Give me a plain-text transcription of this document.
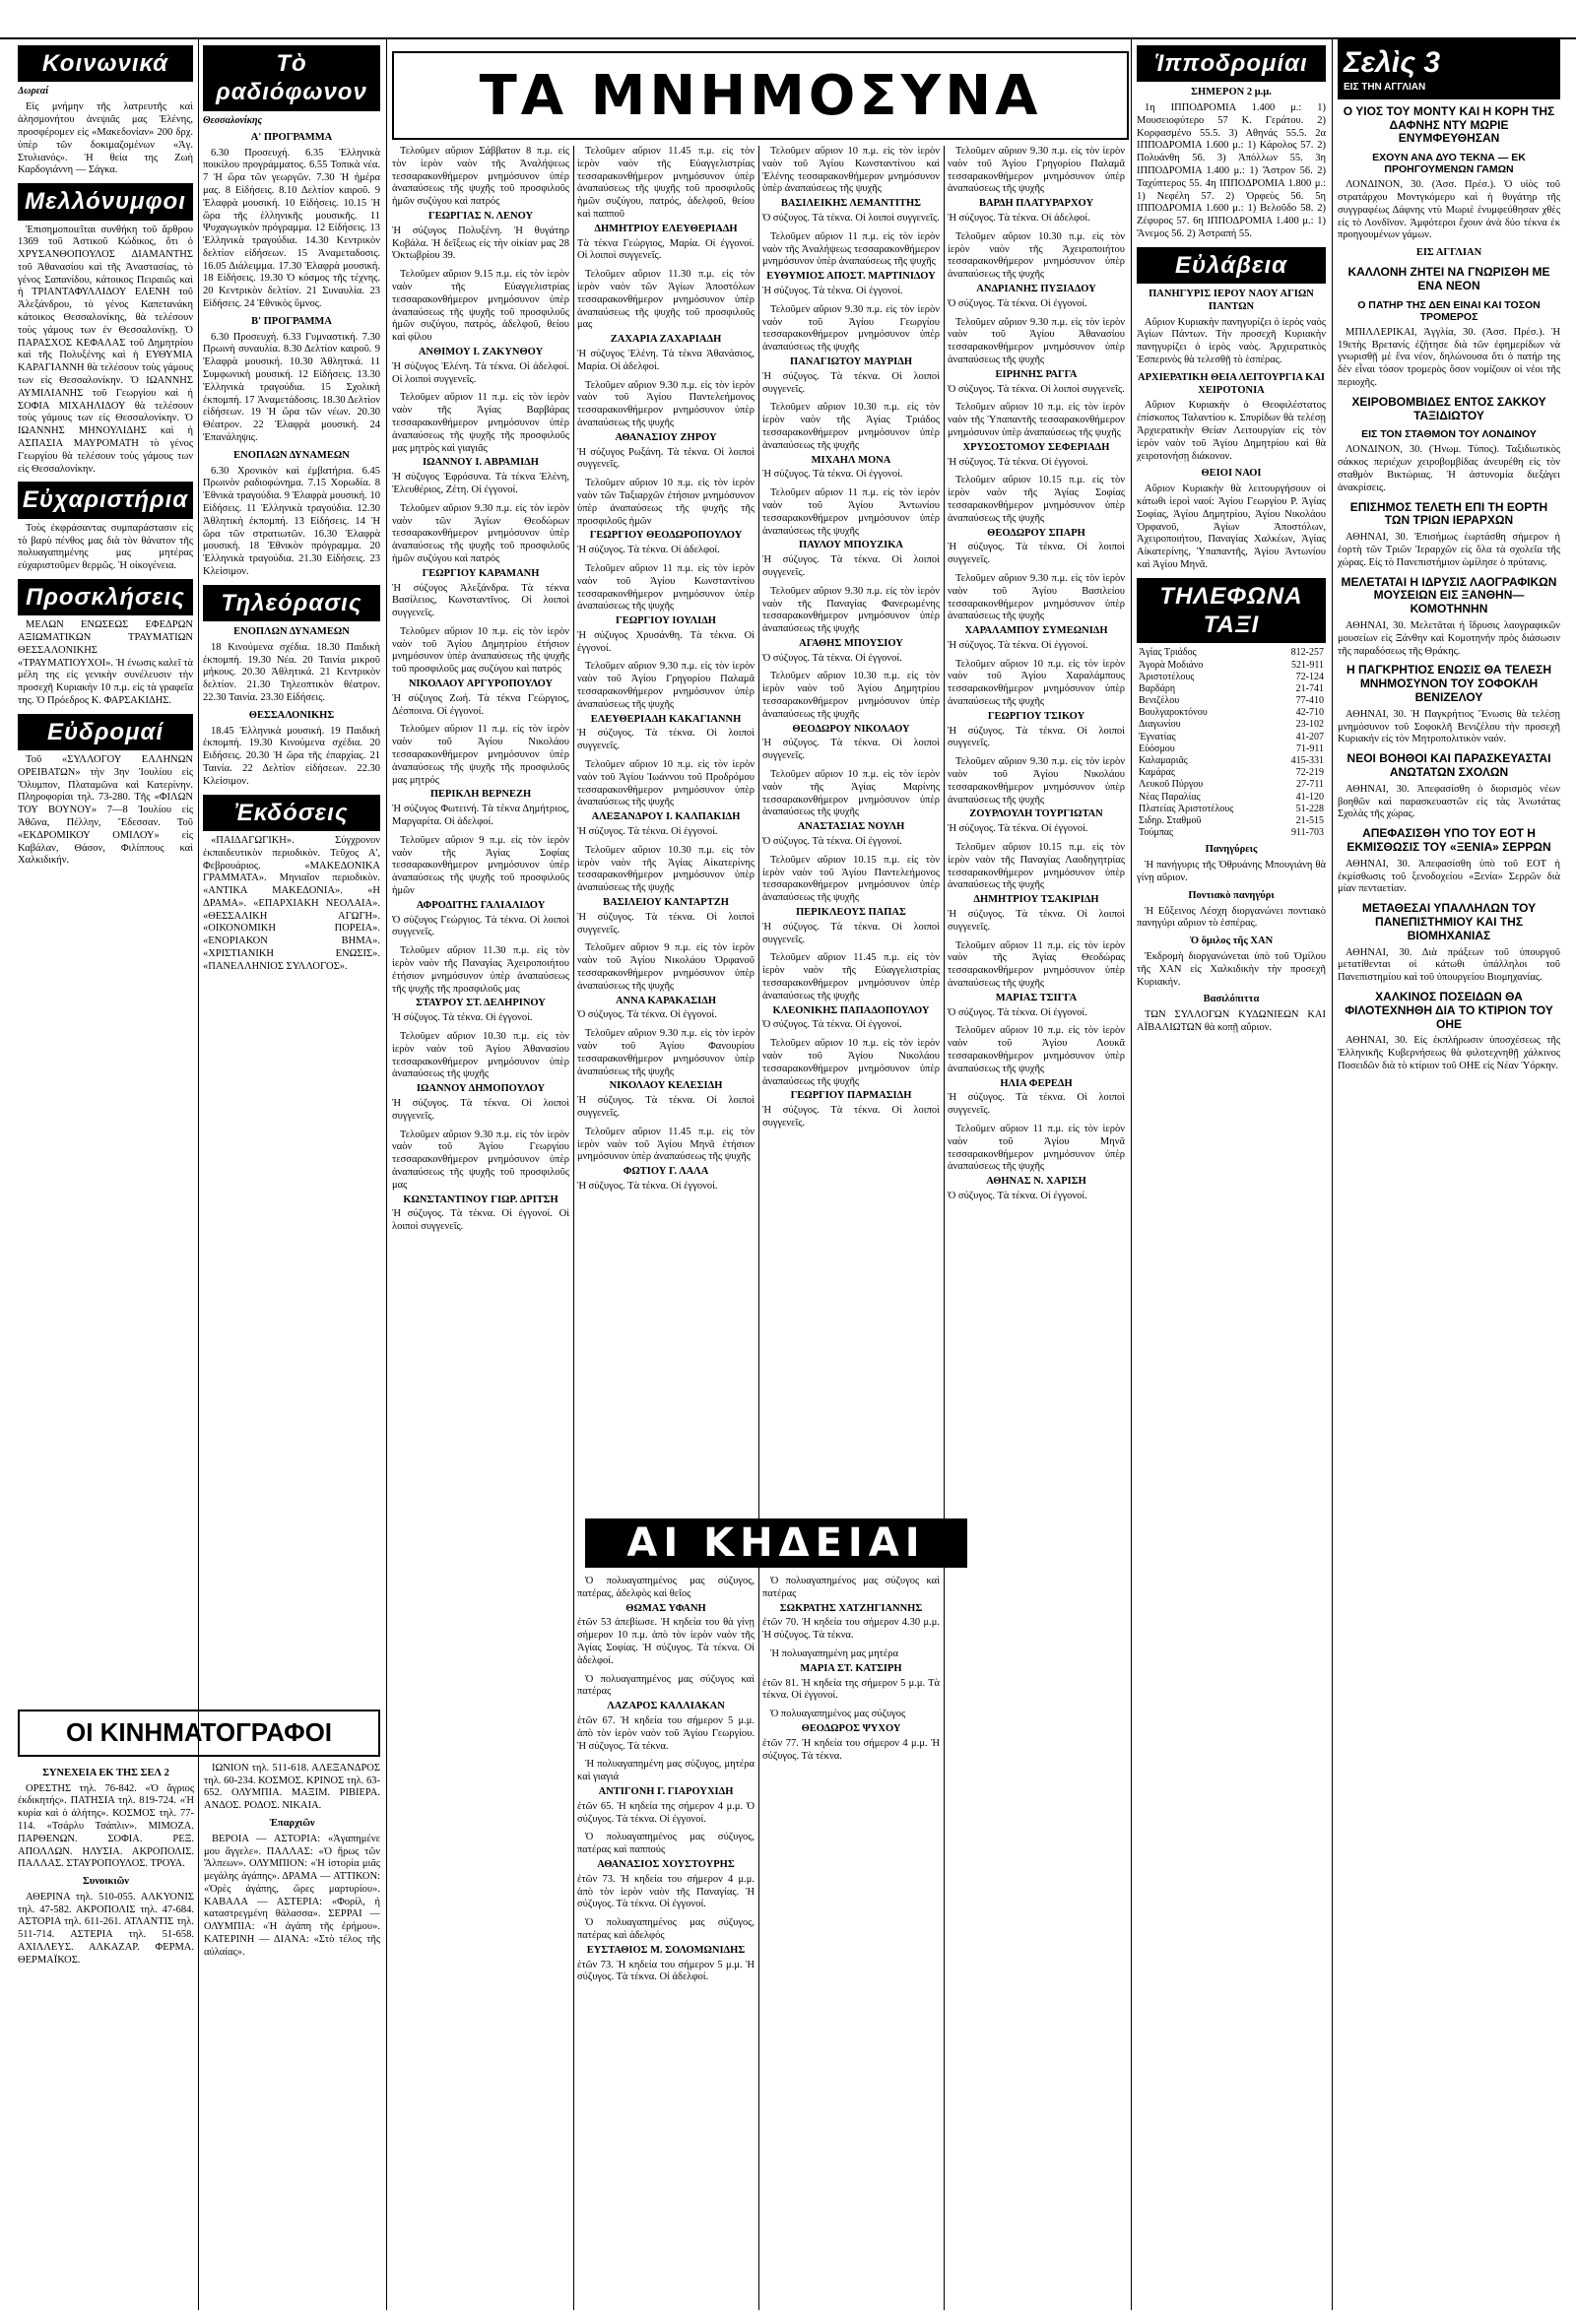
Κοινωνικά
Δωρεαί

Εἰς μνήμην τῆς λατρευτῆς καὶ ἀλησμονήτου ἀνεψιᾶς μας Ἐλένης, προσφέρομεν εἰς «Μακεδονίαν» 200 δρχ. ὑπὲρ τῶν δοκιμαζομένων «Ἀγ. Στυλιανός». Ἡ θεία της Ζωὴ Καρδογιάννη — Σάγκα.

Μελλόνυμφοι

Ἐπισημοποιεῖται συνθήκη τοῦ ἄρθρου 1369 τοῦ Ἀστικοῦ Κώδικος, ὅτι ὁ ΧΡΥΣΑΝΘΟΠΟΥΛΟΣ ΔΙΑΜΑΝΤΗΣ τοῦ Ἀθανασίου καὶ τῆς Ἀναστασίας, τὸ γένος Σαπανίδου, κάτοικος Πειραιῶς καὶ ἡ ΤΡΙΑΝΤΑΦΥΛΛΙΔΟΥ ΕΛΕΝΗ τοῦ Ἀλεξάνδρου, τὸ γένος Καπετανάκη κάτοικος Θεσσαλονίκης, θὰ τελέσουν τοὺς γάμους των ἐν Θεσσαλονίκῃ. Ὁ ΠΑΡΑΣΧΟΣ ΚΕΦΑΛΑΣ τοῦ Δημητρίου καὶ τῆς Πολυξένης καὶ ἡ ΕΥΘΥΜΙΑ ΚΑΡΑΓΙΑΝΝΗ θὰ τελέσουν τοὺς γάμους των εἰς Θεσσαλονίκην. Ὁ ΙΩΑΝΝΗΣ ΑΥΜΙΛΙΑΝΗΣ τοῦ Γεωργίου καὶ ἡ ΣΟΦΙΑ ΜΙΧΑΗΛΙΔΟΥ θὰ τελέσουν τοὺς γάμους των εἰς Θεσσαλονίκην. Ὁ ΙΩΑΝΝΗΣ ΜΗΝΟΥΛΙΔΗΣ καὶ ἡ ΑΣΠΑΣΙΑ ΜΑΥΡΟΜΑΤΗ τὸ γένος Γεωργίου θὰ τελέσουν τοὺς γάμους των εἰς Θεσσαλονίκην.

Εὐχαριστήρια

Τοὺς ἐκφράσαντας συμπαράστασιν εἰς τὸ βαρὺ πένθος μας διὰ τὸν θάνατον τῆς πολυαγαπημένης μας μητέρας εὐχαριστοῦμεν θερμῶς. Ἡ οἰκογένεια.

Προσκλήσεις

ΜΕΛΩΝ ΕΝΩΣΕΩΣ ΕΦΕΔΡΩΝ ΑΞΙΩΜΑΤΙΚΩΝ ΤΡΑΥΜΑΤΙΩΝ ΘΕΣΣΑΛΟΝΙΚΗΣ «ΤΡΑΥΜΑΤΙΟΥΧΟΙ». Ἡ ἐνωσις καλεῖ τὰ μέλη της εἰς γενικὴν συνέλευσιν τὴν προσεχῆ Κυριακὴν 10 π.μ. εἰς τὰ γραφεῖα της. Ὁ Πρόεδρος Κ. ΦΑΡΣΑΚΙΔΗΣ.

Εὐδρομαί

Τοῦ «ΣΥΛΛΟΓΟΥ ΕΛΛΗΝΩΝ ΟΡΕΙΒΑΤΩΝ» τὴν 3ην Ἰουλίου εἰς Ὄλυμπον, Πλαταμῶνα καὶ Κατερίνην. Πληροφορίαι τηλ. 73-280. Τῆς «ΦΙΛΩΝ ΤΟΥ ΒΟΥΝΟΥ» 7—8 Ἰουλίου εἰς Ἀθῶνα, Πέλλην, Ἔδεσσαν. Τοῦ «ΕΚΔΡΟΜΙΚΟΥ ΟΜΙΛΟΥ» εἰς Καβάλαν, Θάσον, Φιλίππους καὶ Χαλκιδικήν.

Τὸ ραδιόφωνον
Θεσσαλονίκης
Α' ΠΡΟΓΡΑΜΜΑ

6.30 Προσευχή. 6.35 Ἑλληνικὰ ποικίλου προγράμματος. 6.55 Τοπικὰ νέα. 7 Ἡ ὥρα τῶν γεωργῶν. 7.30 Ἡ ἡμέρα μας. 8 Εἰδήσεις. 8.10 Δελτίον καιροῦ. 9 Ἐλαφρὰ μουσική. 10 Εἰδήσεις. 10.15 Ἡ ὥρα τῆς ἑλληνικῆς μουσικῆς. 11 Ψυχαγωγικὸν πρόγραμμα. 12 Εἰδήσεις. 13 Ἑλληνικὰ τραγούδια. 14.30 Κεντρικὸν δελτίον εἰδήσεων. 15 Ἀναμεταδοσις. 16.05 Διάλειμμα. 17.30 Ἐλαφρὰ μουσική. 18 Εἰδήσεις. 19.30 Ὁ κόσμος τῆς τέχνης. 20 Κεντρικὸν δελτίον. 21 Συναυλία. 23 Εἰδήσεις. 24 Ἐθνικὸς ὕμνος.

Β' ΠΡΟΓΡΑΜΜΑ

6.30 Προσευχή. 6.33 Γυμναστική. 7.30 Πρωινὴ συναυλία. 8.30 Δελτίον καιροῦ. 9 Ἐλαφρὰ μουσική. 10.30 Ἀθλητικά. 11 Συμφωνικὴ μουσική. 12 Εἰδήσεις. 13.30 Ἑλληνικὰ τραγούδια. 15 Σχολικὴ ἐκπομπή. 17 Ἀναμετάδοσις. 18.30 Δελτίον εἰδήσεων. 19 Ἡ ὥρα τῶν νέων. 20.30 Θέατρον. 22 Ἐλαφρὰ μουσική. 24 Ἐπανάληψις.

ΕΝΟΠΛΩΝ ΔΥΝΑΜΕΩΝ

6.30 Χρονικὸν καὶ ἐμβατήρια. 6.45 Πρωινὸν ραδιοφώνημα. 7.15 Χορωδία. 8 Ἐθνικὰ τραγούδια. 9 Ἐλαφρὰ μουσική. 10 Εἰδήσεις. 11 Ἑλληνικὰ τραγούδια. 12.30 Ἀθλητικὴ ἐκπομπή. 13 Εἰδήσεις. 14 Ἡ ὥρα τῶν στρατιωτῶν. 16.30 Ἐλαφρὰ μουσική. 18 Ἐθνικὸν πρόγραμμα. 20 Ἑλληνικὰ τραγούδια. 21.30 Εἰδήσεις. 23 Κλείσιμον.

Τηλεόρασις
ΕΝΟΠΛΩΝ ΔΥΝΑΜΕΩΝ

18 Κινούμενα σχέδια. 18.30 Παιδικὴ ἐκπομπή. 19.30 Νέα. 20 Ταινία μικροῦ μήκους. 20.30 Ἀθλητικά. 21 Κεντρικὸν δελτίον. 21.30 Τηλεοπτικὸν θέατρον. 22.30 Ταινία. 23.30 Εἰδήσεις.

ΘΕΣΣΑΛΟΝΙΚΗΣ

18.45 Ἑλληνικὰ μουσική. 19 Παιδικὴ ἐκπομπή. 19.30 Κινούμενα σχέδια. 20 Ειδήσεις. 20.30 Ἡ ὥρα τῆς ἐπαρχίας. 21 Ταινία. 22 Δελτίον εἰδήσεων. 22.30 Κλείσιμον.

Ἐκδόσεις

«ΠΑΙΔΑΓΩΓΙΚΗ». Σύγχρονον ἐκπαιδευτικὸν περιοδικὸν. Τεῦχος Α', Φεβρουάριος. «ΜΑΚΕΔΟΝΙΚΑ ΓΡΑΜΜΑΤΑ». Μηνιαῖον περιοδικὸν. «ΑΝΤΙΚΑ ΜΑΚΕΔΟΝΙΑ». «Η ΔΡΑΜΑ». «ΕΠΑΡΧΙΑΚΗ ΝΕΟΛΑΙΑ». «ΘΕΣΣΑΛΙΚΗ ΑΓΩΓΗ». «ΟΙΚΟΝΟΜΙΚΗ ΠΟΡΕΙΑ». «ΕΝΟΡΙΑΚΟΝ ΒΗΜΑ». «ΧΡΙΣΤΙΑΝΙΚΗ ΕΝΩΣΙΣ». «ΠΑΝΕΛΛΗΝΙΟΣ ΣΥΛΛΟΓΟΣ».

ΟΙ ΚΙΝΗΜΑΤΟΓΡΑΦΟΙ
ΣΥΝΕΧΕΙΑ ΕΚ ΤΗΣ ΣΕΛ 2

ΟΡΕΣΤΗΣ τηλ. 76-842. «Ὁ ἄγριος ἐκδικητής». ΠΑΤΗΣΙΑ τηλ. 819-724. «Ἡ κυρία καὶ ὁ ἀλήτης». ΚΟΣΜΟΣ τηλ. 77-114. «Τσάρλυ Τσάπλιν». ΜΙΜΟΖΑ. ΠΑΡΘΕΝΩΝ. ΣΟΦΙΑ. ΡΕΞ. ΑΠΟΛΛΩΝ. ΗΛΥΣΙΑ. ΑΚΡΟΠΟΛΙΣ. ΠΑΛΛΑΣ. ΣΤΑΥΡΟΠΟΥΛΟΣ. ΤΡΟΥΑ.

Συνοικιῶν

ΑΘΕΡΙΝΑ τηλ. 510-055. ΑΛΚΥΟΝΙΣ τηλ. 47-582. ΑΚΡΟΠΟΛΙΣ τηλ. 47-684. ΑΣΤΟΡΙΑ τηλ. 611-261. ΑΤΛΑΝΤΙΣ τηλ. 511-714. ΑΣΤΕΡΙΑ τηλ. 51-658. ΑΧΙΛΛΕΥΣ. ΑΛΚΑΖΑΡ. ΦΕΡΜΑ. ΘΕΡΜΑΪΚΟΣ.

ΙΩΝΙΟΝ τηλ. 511-618. ΑΛΕΞΑΝΔΡΟΣ τηλ. 60-234. ΚΟΣΜΟΣ. ΚΡΙΝΟΣ τηλ. 63-652. ΟΛΥΜΠΙΑ. ΜΑΞΙΜ. ΡΙΒΙΕΡΑ. ΑΝΔΟΣ. ΡΟΔΟΣ. ΝΙΚΑΙΑ.

Ἐπαρχιῶν

ΒΕΡΟΙΑ — ΑΣΤΟΡΙΑ: «Ἀγαπημένε μου ἄγγελε». ΠΑΛΛΑΣ: «Ὁ ἥρως τῶν Ἄλπεων». ΟΛΥΜΠΙΟΝ: «Ἡ ἱστορία μιᾶς μεγάλης ἀγάπης». ΔΡΑΜΑ — ΑΤΤΙΚΟΝ: «Ὁρὲς ἀγάπης, ὥρες μαρτυρίου». ΚΑΒΑΛΑ — ΑΣΤΕΡΙΑ: «Φορίλ, ἡ καταστρεγμένη θάλασσα». ΣΕΡΡΑΙ — ΟΛΥΜΠΙΑ: «Ἡ ἀγάπη τῆς ἐρήμου». ΚΑΤΕΡΙΝΗ — ΔΙΑΝΑ: «Στὸ τέλος τῆς αὐλαίας».

ΤΑ ΜΝΗΜΟΣΥΝΑ
Τελοῦμεν αὔριον Σάββατον 8 π.μ. εἰς τὸν ἱερὸν ναὸν τῆς Ἀναλήψεως τεσσαρακονθήμερον μνημόσυνον ὑπὲρ ἀναπαύσεως τῆς ψυχῆς τοῦ προσφιλοῦς ἡμῶν συζύγου καὶ πατρός
ΓΕΩΡΓΙΑΣ Ν. ΛΕΝΟΥ
Ἡ σύζυγος Πολυξένη. Ἡ θυγάτηρ Κοβάλα. Ἡ δεῖξεως εἰς τὴν οἰκίαν μας 28 Ὀκτωβρίου 39.
Τελοῦμεν αὔριον 9.15 π.μ. εἰς τὸν ἱερὸν ναὸν τῆς Εὐαγγελιστρίας τεσσαρακονθήμερον μνημόσυνον ὑπὲρ ἀναπαύσεως τῆς ψυχῆς τοῦ προσφιλοῦς ἡμῶν συζύγου, πατρός, ἀδελφοῦ, θείου καὶ φίλου
ΑΝΘΙΜΟΥ Ι. ΖΑΚΥΝΘΟΥ
Ἡ σύζυγος Ἑλένη. Τὰ τέκνα. Οἱ ἀδελφοί. Οἱ λοιποὶ συγγενεῖς.
Τελοῦμεν αὔριον 11 π.μ. εἰς τὸν ἱερὸν ναὸν τῆς Ἁγίας Βαρβάρας τεσσαρακονθήμερον μνημόσυνον ὑπὲρ ἀναπαύσεως τῆς ψυχῆς τῆς προσφιλοῦς μας μητρὸς καὶ γιαγιᾶς
ΙΩΑΝΝΟΥ Ι. ΑΒΡΑΜΙΔΗ
Ἡ σύζυγος Ἐφρόσυνα. Τὰ τέκνα Ἑλένη, Ἐλευθέριος, Ζέτη. Οἱ ἐγγονοί.
Τελοῦμεν αὔριον 9.30 π.μ. εἰς τὸν ἱερὸν ναὸν τῶν Ἁγίων Θεοδώρων τεσσαρακονθήμερον μνημόσυνον ὑπὲρ ἀναπαύσεως τῆς ψυχῆς τοῦ προσφιλοῦς ἡμῶν συζύγου καὶ πατρός
ΓΕΩΡΓΙΟΥ ΚΑΡΑΜΑΝΗ
Ἡ σύζυγος Ἀλεξάνδρα. Τὰ τέκνα Βασίλειος, Κωνσταντῖνος. Οἱ λοιποὶ συγγενεῖς.
Τελοῦμεν αὔριον 10 π.μ. εἰς τὸν ἱερὸν ναὸν τοῦ Ἁγίου Δημητρίου ἐτήσιον μνημόσυνον ὑπὲρ ἀναπαύσεως τῆς ψυχῆς τοῦ προσφιλοῦς μας συζύγου καὶ πατρός
ΝΙΚΟΛΑΟΥ ΑΡΓΥΡΟΠΟΥΛΟΥ
Ἡ σύζυγος Ζωή. Τὰ τέκνα Γεώργιος, Δέσποινα. Οἱ ἐγγονοί.
Τελοῦμεν αὔριον 11 π.μ. εἰς τὸν ἱερὸν ναὸν τοῦ Ἁγίου Νικολάου τεσσαρακονθήμερον μνημόσυνον ὑπὲρ ἀναπαύσεως τῆς ψυχῆς τῆς προσφιλοῦς μας μητρός
ΠΕΡΙΚΛΗ ΒΕΡΝΕΖΗ
Ἡ σύζυγος Φωτεινή. Τὰ τέκνα Δημήτριος, Μαργαρίτα. Οἱ ἀδελφοί.
Τελοῦμεν αὔριον 9 π.μ. εἰς τὸν ἱερὸν ναὸν τῆς Ἁγίας Σοφίας τεσσαρακονθήμερον μνημόσυνον ὑπὲρ ἀναπαύσεως τῆς ψυχῆς τοῦ προσφιλοῦς ἡμῶν
ΑΦΡΟΔΙΤΗΣ ΓΑΛΙΑΛΙΔΟΥ
Ὁ σύζυγος Γεώργιος. Τὰ τέκνα. Οἱ λοιποὶ συγγενεῖς.
Τελοῦμεν αὔριον 11.30 π.μ. εἰς τὸν ἱερὸν ναὸν τῆς Παναγίας Ἀχειροποιήτου ἐτήσιον μνημόσυνον ὑπὲρ ἀναπαύσεως τῆς ψυχῆς τῆς προσφιλοῦς μας
ΣΤΑΥΡΟΥ ΣΤ. ΔΕΛΗΡΙΝΟΥ
Ἡ σύζυγος. Τὰ τέκνα. Οἱ ἐγγονοί.
Τελοῦμεν αὔριον 10.30 π.μ. εἰς τὸν ἱερὸν ναὸν τοῦ Ἁγίου Ἀθανασίου τεσσαρακονθήμερον μνημόσυνον ὑπὲρ ἀναπαύσεως τῆς ψυχῆς
ΙΩΑΝΝΟΥ ΔΗΜΟΠΟΥΛΟΥ
Ἡ σύζυγος. Τὰ τέκνα. Οἱ λοιποὶ συγγενεῖς.
Τελοῦμεν αὔριον 9.30 π.μ. εἰς τὸν ἱερὸν ναὸν τοῦ Ἁγίου Γεωργίου τεσσαρακονθήμερον μνημόσυνον ὑπὲρ ἀναπαύσεως τῆς ψυχῆς τοῦ προσφιλοῦς μας
ΚΩΝΣΤΑΝΤΙΝΟΥ ΓΙΩΡ. ΔΡΙΤΣΗ
Ἡ σύζυγος. Τὰ τέκνα. Οἱ ἐγγονοί. Οἱ λοιποὶ συγγενεῖς.
Τελοῦμεν αὔριον 11.45 π.μ. εἰς τὸν ἱερὸν ναὸν τῆς Εὐαγγελιστρίας τεσσαρακονθήμερον μνημόσυνον ὑπὲρ ἀναπαύσεως τῆς ψυχῆς τοῦ προσφιλοῦς ἡμῶν συζύγου, πατρός, ἀδελφοῦ, θείου καὶ παπποῦ
ΔΗΜΗΤΡΙΟΥ ΕΛΕΥΘΕΡΙΑΔΗ
Τὰ τέκνα Γεώργιος, Μαρία. Οἱ ἐγγονοί. Οἱ λοιποὶ συγγενεῖς.
Τελοῦμεν αὔριον 11.30 π.μ. εἰς τὸν ἱερὸν ναὸν τῶν Ἁγίων Ἀποστόλων τεσσαρακονθήμερον μνημόσυνον ὑπὲρ ἀναπαύσεως τῆς ψυχῆς τοῦ προσφιλοῦς μας
ΖΑΧΑΡΙΑ ΖΑΧΑΡΙΑΔΗ
Ἡ σύζυγος Ἑλένη. Τὰ τέκνα Ἀθανάσιος, Μαρία. Οἱ ἀδελφοί.
Τελοῦμεν αὔριον 9.30 π.μ. εἰς τὸν ἱερὸν ναὸν τοῦ Ἁγίου Παντελεήμονος τεσσαρακονθήμερον μνημόσυνον ὑπὲρ ἀναπαύσεως τῆς ψυχῆς
ΑΘΑΝΑΣΙΟΥ ΖΗΡΟΥ
Ἡ σύζυγος Ρωξάνη. Τὰ τέκνα. Οἱ λοιποὶ συγγενεῖς.
Τελοῦμεν αὔριον 10 π.μ. εἰς τὸν ἱερὸν ναὸν τῶν Ταξιαρχῶν ἐτήσιον μνημόσυνον ὑπὲρ ἀναπαύσεως τῆς ψυχῆς τῆς προσφιλοῦς ἡμῶν
ΓΕΩΡΓΙΟΥ ΘΕΟΔΩΡΟΠΟΥΛΟΥ
Ἡ σύζυγος. Τὰ τέκνα. Οἱ ἀδελφοί.
Τελοῦμεν αὔριον 11 π.μ. εἰς τὸν ἱερὸν ναὸν τοῦ Ἁγίου Κωνσταντίνου τεσσαρακονθήμερον μνημόσυνον ὑπὲρ ἀναπαύσεως τῆς ψυχῆς
ΓΕΩΡΓΙΟΥ ΙΟΥΛΙΔΗ
Ἡ σύζυγος Χρυσάνθη. Τὰ τέκνα. Οἱ ἐγγονοί.
Τελοῦμεν αὔριον 9.30 π.μ. εἰς τὸν ἱερὸν ναὸν τοῦ Ἁγίου Γρηγορίου Παλαμᾶ τεσσαρακονθήμερον μνημόσυνον ὑπὲρ ἀναπαύσεως τῆς ψυχῆς
ΕΛΕΥΘΕΡΙΑΔΗ ΚΑΚΑΓΙΑΝΝΗ
Ἡ σύζυγος. Τὰ τέκνα. Οἱ λοιποὶ συγγενεῖς.
Τελοῦμεν αὔριον 10 π.μ. εἰς τὸν ἱερὸν ναὸν τοῦ Ἁγίου Ἰωάννου τοῦ Προδρόμου τεσσαρακονθήμερον μνημόσυνον ὑπὲρ ἀναπαύσεως τῆς ψυχῆς
ΑΛΕΞΑΝΔΡΟΥ Ι. ΚΑΛΠΑΚΙΔΗ
Ἡ σύζυγος. Τὰ τέκνα. Οἱ ἐγγονοί.
Τελοῦμεν αὔριον 10.30 π.μ. εἰς τὸν ἱερὸν ναὸν τῆς Ἁγίας Αἰκατερίνης τεσσαρακονθήμερον μνημόσυνον ὑπὲρ ἀναπαύσεως τῆς ψυχῆς
ΒΑΣΙΛΕΙΟΥ ΚΑΝΤΑΡΤΖΗ
Ἡ σύζυγος. Τὰ τέκνα. Οἱ λοιποὶ συγγενεῖς.
Τελοῦμεν αὔριον 9 π.μ. εἰς τὸν ἱερὸν ναὸν τοῦ Ἁγίου Νικολάου Ὀρφανοῦ τεσσαρακονθήμερον μνημόσυνον ὑπὲρ ἀναπαύσεως τῆς ψυχῆς
ΑΝΝΑ ΚΑΡΑΚΑΣΙΔΗ
Ὁ σύζυγος. Τὰ τέκνα. Οἱ ἐγγονοί.
Τελοῦμεν αὔριον 9.30 π.μ. εἰς τὸν ἱερὸν ναὸν τοῦ Ἁγίου Φανουρίου τεσσαρακονθήμερον μνημόσυνον ὑπὲρ ἀναπαύσεως τῆς ψυχῆς
ΝΙΚΟΛΑΟΥ ΚΕΛΕΣΙΔΗ
Ἡ σύζυγος. Τὰ τέκνα. Οἱ λοιποὶ συγγενεῖς.
Τελοῦμεν αὔριον 11.45 π.μ. εἰς τὸν ἱερὸν ναὸν τοῦ Ἁγίου Μηνᾶ ἐτήσιον μνημόσυνον ὑπὲρ ἀναπαύσεως τῆς ψυχῆς
ΦΩΤΙΟΥ Γ. ΛΑΛΑ
Ἡ σύζυγος. Τὰ τέκνα. Οἱ ἐγγονοί.
Τελοῦμεν αὔριον 10 π.μ. εἰς τὸν ἱερὸν ναὸν τοῦ Ἁγίου Κωνσταντίνου καὶ Ἑλένης τεσσαρακονθήμερον μνημόσυνον ὑπὲρ ἀναπαύσεως τῆς ψυχῆς
ΒΑΣΙΛΕΙΚΗΣ ΛΕΜΑΝΤΙΤΗΣ
Ὁ σύζυγος. Τὰ τέκνα. Οἱ λοιποὶ συγγενεῖς.
Τελοῦμεν αὔριον 11 π.μ. εἰς τὸν ἱερὸν ναὸν τῆς Ἀναλήψεως τεσσαρακονθήμερον μνημόσυνον ὑπὲρ ἀναπαύσεως τῆς ψυχῆς
ΕΥΘΥΜΙΟΣ ΑΠΟΣΤ. ΜΑΡΤΙΝΙΔΟΥ
Ἡ σύζυγος. Τὰ τέκνα. Οἱ ἐγγονοί.
Τελοῦμεν αὔριον 9.30 π.μ. εἰς τὸν ἱερὸν ναὸν τοῦ Ἁγίου Γεωργίου τεσσαρακονθήμερον μνημόσυνον ὑπὲρ ἀναπαύσεως τῆς ψυχῆς
ΠΑΝΑΓΙΩΤΟΥ ΜΑΥΡΙΔΗ
Ἡ σύζυγος. Τὰ τέκνα. Οἱ λοιποὶ συγγενεῖς.
Τελοῦμεν αὔριον 10.30 π.μ. εἰς τὸν ἱερὸν ναὸν τῆς Ἁγίας Τριάδος τεσσαρακονθήμερον μνημόσυνον ὑπὲρ ἀναπαύσεως τῆς ψυχῆς
ΜΙΧΑΗΛ ΜΟΝΑ
Ἡ σύζυγος. Τὰ τέκνα. Οἱ ἐγγονοί.
Τελοῦμεν αὔριον 11 π.μ. εἰς τὸν ἱερὸν ναὸν τοῦ Ἁγίου Ἀντωνίου τεσσαρακονθήμερον μνημόσυνον ὑπὲρ ἀναπαύσεως τῆς ψυχῆς
ΠΑΥΛΟΥ ΜΠΟΥΖΙΚΑ
Ἡ σύζυγος. Τὰ τέκνα. Οἱ λοιποὶ συγγενεῖς.
Τελοῦμεν αὔριον 9.30 π.μ. εἰς τὸν ἱερὸν ναὸν τῆς Παναγίας Φανερωμένης τεσσαρακονθήμερον μνημόσυνον ὑπὲρ ἀναπαύσεως τῆς ψυχῆς
ΑΓΑΘΗΣ ΜΠΟΥΣΙΟΥ
Ὁ σύζυγος. Τὰ τέκνα. Οἱ ἐγγονοί.
Τελοῦμεν αὔριον 10.30 π.μ. εἰς τὸν ἱερὸν ναὸν τοῦ Ἁγίου Δημητρίου τεσσαρακονθήμερον μνημόσυνον ὑπὲρ ἀναπαύσεως τῆς ψυχῆς
ΘΕΟΔΩΡΟΥ ΝΙΚΟΛΑΟΥ
Ἡ σύζυγος. Τὰ τέκνα. Οἱ λοιποὶ συγγενεῖς.
Τελοῦμεν αὔριον 10 π.μ. εἰς τὸν ἱερὸν ναὸν τῆς Ἁγίας Μαρίνης τεσσαρακονθήμερον μνημόσυνον ὑπὲρ ἀναπαύσεως τῆς ψυχῆς
ΑΝΑΣΤΑΣΙΑΣ ΝΟΥΛΗ
Ὁ σύζυγος. Τὰ τέκνα. Οἱ ἐγγονοί.
Τελοῦμεν αὔριον 10.15 π.μ. εἰς τὸν ἱερὸν ναὸν τοῦ Ἁγίου Παντελεήμονος τεσσαρακονθήμερον μνημόσυνον ὑπὲρ ἀναπαύσεως τῆς ψυχῆς
ΠΕΡΙΚΛΕΟΥΣ ΠΑΠΑΣ
Ἡ σύζυγος. Τὰ τέκνα. Οἱ λοιποὶ συγγενεῖς.
Τελοῦμεν αὔριον 11.45 π.μ. εἰς τὸν ἱερὸν ναὸν τῆς Εὐαγγελιστρίας τεσσαρακονθήμερον μνημόσυνον ὑπὲρ ἀναπαύσεως τῆς ψυχῆς
ΚΛΕΟΝΙΚΗΣ ΠΑΠΑΔΟΠΟΥΛΟΥ
Ὁ σύζυγος. Τὰ τέκνα. Οἱ ἐγγονοί.
Τελοῦμεν αὔριον 10 π.μ. εἰς τὸν ἱερὸν ναὸν τοῦ Ἁγίου Νικολάου τεσσαρακονθήμερον μνημόσυνον ὑπὲρ ἀναπαύσεως τῆς ψυχῆς
ΓΕΩΡΓΙΟΥ ΠΑΡΜΑΣΙΔΗ
Ἡ σύζυγος. Τὰ τέκνα. Οἱ λοιποὶ συγγενεῖς.
Τελοῦμεν αὔριον 9.30 π.μ. εἰς τὸν ἱερὸν ναὸν τοῦ Ἁγίου Γρηγορίου Παλαμᾶ τεσσαρακονθήμερον μνημόσυνον ὑπὲρ ἀναπαύσεως τῆς ψυχῆς
ΒΑΡΔΗ ΠΛΑΤΥΡΑΡΧΟΥ
Ἡ σύζυγος. Τὰ τέκνα. Οἱ ἀδελφοί.
Τελοῦμεν αὔριον 10.30 π.μ. εἰς τὸν ἱερὸν ναὸν τῆς Ἀχειροποιήτου τεσσαρακονθήμερον μνημόσυνον ὑπὲρ ἀναπαύσεως τῆς ψυχῆς
ΑΝΔΡΙΑΝΗΣ ΠΥΞΙΑΔΟΥ
Ὁ σύζυγος. Τὰ τέκνα. Οἱ ἐγγονοί.
Τελοῦμεν αὔριον 9.30 π.μ. εἰς τὸν ἱερὸν ναὸν τοῦ Ἁγίου Ἀθανασίου τεσσαρακονθήμερον μνημόσυνον ὑπὲρ ἀναπαύσεως τῆς ψυχῆς
ΕΙΡΗΝΗΣ ΡΑΓΓΑ
Ὁ σύζυγος. Τὰ τέκνα. Οἱ λοιποὶ συγγενεῖς.
Τελοῦμεν αὔριον 10 π.μ. εἰς τὸν ἱερὸν ναὸν τῆς Ὑπαπαντῆς τεσσαρακονθήμερον μνημόσυνον ὑπὲρ ἀναπαύσεως τῆς ψυχῆς
ΧΡΥΣΟΣΤΟΜΟΥ ΣΕΦΕΡΙΑΔΗ
Ἡ σύζυγος. Τὰ τέκνα. Οἱ ἐγγονοί.
Τελοῦμεν αὔριον 10.15 π.μ. εἰς τὸν ἱερὸν ναὸν τῆς Ἁγίας Σοφίας τεσσαρακονθήμερον μνημόσυνον ὑπὲρ ἀναπαύσεως τῆς ψυχῆς
ΘΕΟΔΩΡΟΥ ΣΠΑΡΗ
Ἡ σύζυγος. Τὰ τέκνα. Οἱ λοιποὶ συγγενεῖς.
Τελοῦμεν αὔριον 9.30 π.μ. εἰς τὸν ἱερὸν ναὸν τοῦ Ἁγίου Βασιλείου τεσσαρακονθήμερον μνημόσυνον ὑπὲρ ἀναπαύσεως τῆς ψυχῆς
ΧΑΡΑΛΑΜΠΟΥ ΣΥΜΕΩΝΙΔΗ
Ἡ σύζυγος. Τὰ τέκνα. Οἱ ἐγγονοί.
Τελοῦμεν αὔριον 10 π.μ. εἰς τὸν ἱερὸν ναὸν τοῦ Ἁγίου Χαραλάμπους τεσσαρακονθήμερον μνημόσυνον ὑπὲρ ἀναπαύσεως τῆς ψυχῆς
ΓΕΩΡΓΙΟΥ ΤΣΙΚΟΥ
Ἡ σύζυγος. Τὰ τέκνα. Οἱ λοιποὶ συγγενεῖς.
Τελοῦμεν αὔριον 9.30 π.μ. εἰς τὸν ἱερὸν ναὸν τοῦ Ἁγίου Νικολάου τεσσαρακονθήμερον μνημόσυνον ὑπὲρ ἀναπαύσεως τῆς ψυχῆς
ΖΟΥΡΛΟΥΛΗ ΤΟΥΡΓΙΩΤΑΝ
Ἡ σύζυγος. Τὰ τέκνα. Οἱ ἐγγονοί.
Τελοῦμεν αὔριον 10.15 π.μ. εἰς τὸν ἱερὸν ναὸν τῆς Παναγίας Λαοδηγητρίας τεσσαρακονθήμερον μνημόσυνον ὑπὲρ ἀναπαύσεως τῆς ψυχῆς
ΔΗΜΗΤΡΙΟΥ ΤΣΑΚΙΡΙΔΗ
Ἡ σύζυγος. Τὰ τέκνα. Οἱ λοιποὶ συγγενεῖς.
Τελοῦμεν αὔριον 11 π.μ. εἰς τὸν ἱερὸν ναὸν τῆς Ἁγίας Θεοδώρας τεσσαρακονθήμερον μνημόσυνον ὑπὲρ ἀναπαύσεως τῆς ψυχῆς
ΜΑΡΙΑΣ ΤΣΙΓΓΑ
Ὁ σύζυγος. Τὰ τέκνα. Οἱ ἐγγονοί.
Τελοῦμεν αὔριον 10 π.μ. εἰς τὸν ἱερὸν ναὸν τοῦ Ἁγίου Λουκᾶ τεσσαρακονθήμερον μνημόσυνον ὑπὲρ ἀναπαύσεως τῆς ψυχῆς
ΗΛΙΑ ΦΕΡΕΔΗ
Ἡ σύζυγος. Τὰ τέκνα. Οἱ λοιποὶ συγγενεῖς.
Τελοῦμεν αὔριον 11 π.μ. εἰς τὸν ἱερὸν ναὸν τοῦ Ἁγίου Μηνᾶ τεσσαρακονθήμερον μνημόσυνον ὑπὲρ ἀναπαύσεως τῆς ψυχῆς
ΑΘΗΝΑΣ Ν. ΧΑΡΙΣΗ
Ὁ σύζυγος. Τὰ τέκνα. Οἱ ἐγγονοί.
ΑΙ ΚΗΔΕΙΑΙ
Ὁ πολυαγαπημένος μας σύζυγος, πατέρας, ἀδελφὸς καὶ θεῖος
ΘΩΜΑΣ ΥΦΑΝΗ
ἐτῶν 53 ἀπεβίωσε. Ἡ κηδεία του θὰ γίνῃ σήμερον 10 π.μ. ἀπὸ τὸν ἱερὸν ναὸν τῆς Ἁγίας Σοφίας. Ἡ σύζυγος. Τὰ τέκνα. Οἱ ἀδελφοί.
Ὁ πολυαγαπημένος μας σύζυγος καὶ πατέρας
ΛΑΖΑΡΟΣ ΚΑΛΛΙΑΚΑΝ
ἐτῶν 67. Ἡ κηδεία του σήμερον 5 μ.μ. ἀπὸ τὸν ἱερὸν ναὸν τοῦ Ἁγίου Γεωργίου. Ἡ σύζυγος. Τὰ τέκνα.
Ἡ πολυαγαπημένη μας σύζυγος, μητέρα καὶ γιαγιά
ΑΝΤΙΓΟΝΗ Γ. ΓΙΑΡΟΥΧΙΔΗ
ἐτῶν 65. Ἡ κηδεία της σήμερον 4 μ.μ. Ὁ σύζυγος. Τὰ τέκνα. Οἱ ἐγγονοί.
Ὁ πολυαγαπημένος μας σύζυγος, πατέρας καὶ παππούς
ΑΘΑΝΑΣΙΟΣ ΧΟΥΣΤΟΥΡΗΣ
ἐτῶν 73. Ἡ κηδεία του σήμερον 4 μ.μ. ἀπὸ τὸν ἱερὸν ναὸν τῆς Παναγίας. Ἡ σύζυγος. Τὰ τέκνα. Οἱ ἐγγονοί.
Ὁ πολυαγαπημένος μας σύζυγος, πατέρας καὶ ἀδελφός
ΕΥΣΤΑΘΙΟΣ Μ. ΣΟΛΟΜΩΝΙΔΗΣ
ἐτῶν 73. Ἡ κηδεία του σήμερον 5 μ.μ. Ἡ σύζυγος. Τὰ τέκνα. Οἱ ἀδελφοί.
Ὁ πολυαγαπημένος μας σύζυγος καὶ πατέρας
ΣΩΚΡΑΤΗΣ ΧΑΤΖΗΓΙΑΝΝΗΣ
ἐτῶν 70. Ἡ κηδεία του σήμερον 4.30 μ.μ. Ἡ σύζυγος. Τὰ τέκνα.
Ἡ πολυαγαπημένη μας μητέρα
ΜΑΡΙΑ ΣΤ. ΚΑΤΣΙΡΗ
ἐτῶν 81. Ἡ κηδεία της σήμερον 5 μ.μ. Τὰ τέκνα. Οἱ ἐγγονοί.
Ὁ πολυαγαπημένος μας σύζυγος
ΘΕΟΔΩΡΟΣ ΨΥΧΟΥ
ἐτῶν 77. Ἡ κηδεία του σήμερον 4 μ.μ. Ἡ σύζυγος. Τὰ τέκνα.
Ἱπποδρομίαι
ΣΗΜΕΡΟΝ 2 μ.μ.

1η ΙΠΠΟΔΡΟΜΙΑ 1.400 μ.: 1) Μουσειοφύτερο 57 Κ. Γεράτου. 2) Κορφασμένο 55.5. 3) Αθηνάς 55.5. 2α ΙΠΠΟΔΡΟΜΙΑ 1.600 μ.: 1) Κάρολος 57. 2) Πολυάνθη 56. 3) Ἀπόλλων 55. 3η ΙΠΠΟΔΡΟΜΙΑ 1.400 μ.: 1) Ἄστρον 56. 2) Ταχύπτερος 55. 4η ΙΠΠΟΔΡΟΜΙΑ 1.800 μ.: 1) Νεφέλη 57. 2) Ὀρφεὺς 56. 5η ΙΠΠΟΔΡΟΜΙΑ 1.600 μ.: 1) Βελοῦδο 58. 2) Ζέφυρος 57. 6η ΙΠΠΟΔΡΟΜΙΑ 1.400 μ.: 1) Ἄνεμος 56. 2) Ἀστραπή 55.

Εὐλάβεια
ΠΑΝΗΓΥΡΙΣ ΙΕΡΟΥ ΝΑΟΥ ΑΓΙΩΝ ΠΑΝΤΩΝ

Αὔριον Κυριακὴν πανηγυρίζει ὁ ἱερὸς ναὸς Ἁγίων Πάντων. Τὴν προσεχῆ Κυριακὴν πανηγυρίζει ὁ ἱερὸς ναὸς. Ἀρχιερατικὸς Ἑσπερινὸς θὰ τελεσθῇ τὸ ἑσπέρας.

ΑΡΧΙΕΡΑΤΙΚΗ ΘΕΙΑ ΛΕΙΤΟΥΡΓΙΑ ΚΑΙ ΧΕΙΡΟΤΟΝΙΑ

Αὔριον Κυριακὴν ὁ Θεοφιλέστατος ἐπίσκοπος Ταλαντίου κ. Σπυρίδων θὰ τελέσῃ Ἀρχιερατικὴν Θείαν Λειτουργίαν εἰς τὸν ἱερὸν ναὸν τοῦ Ἁγίου Δημητρίου καὶ θὰ χειροτονήσῃ διάκονον.

ΘΕΙΟΙ ΝΑΟΙ

Αὔριον Κυριακὴν θὰ λειτουργήσουν οἱ κάτωθι ἱεροὶ ναοί: Ἁγίου Γεωργίου Ρ. Ἀγίας Σοφίας, Ἁγίου Δημητρίου, Ἁγίου Νικολάου Ὀρφανοῦ, Ἁγίων Ἀποστόλων, Ἀχειροποιήτου, Παναγίας Χαλκέων, Ἁγίας Αἰκατερίνης, Ὑπαπαντῆς, Ἁγίου Ἀντωνίου καὶ Ἁγίου Μηνᾶ.

ΤΗΛΕΦΩΝΑ ΤΑΞΙ
Ἁγίας Τριάδος	812-257
Ἀγορὰ Μοδιάνο	521-911
Ἀριστοτέλους	72-124
Βαρδάρη	21-741
Βενιζέλου	77-410
Βουλγαροκτόνου	42-710
Διαγωνίου	23-102
Ἐγνατίας	41-207
Εὐόσμου	71-911
Καλαμαριᾶς	415-331
Καμάρας	72-219
Λευκοῦ Πύργου	27-711
Νέας Παραλίας	41-120
Πλατείας Ἀριστοτέλους	51-228
Σιδηρ. Σταθμοῦ	21-515
Τούμπας	911-703
Πανηγύρεις

Ἡ πανήγυρις τῆς Ὀθρυάνης Μπουγιάνη θὰ γίνῃ αὔριον.

Ποντιακὸ πανηγύρι

Ἡ Εὔξεινος Λέσχη διοργανώνει ποντιακὸ πανηγύρι αὔριον τὸ ἑσπέρας.

Ὁ ὅμιλος τῆς ΧΑΝ

Ἐκδρομὴ διοργανώνεται ὑπὸ τοῦ Ὁμίλου τῆς ΧΑΝ εἰς Χαλκιδικὴν τὴν προσεχῆ Κυριακήν.

Βασιλόπιττα

ΤΩΝ ΣΥΛΛΟΓΩΝ ΚΥΔΩΝΙΕΩΝ ΚΑΙ ΑΪΒΑΛΙΩΤΩΝ θὰ κοπῇ αὔριον.

Σελὶς 3
ΕΙΣ ΤΗΝ ΑΓΓΛΙΑΝ
Ο ΥΙΟΣ ΤΟΥ ΜΟΝΤΥ ΚΑΙ Η ΚΟΡΗ ΤΗΣ ΔΑΦΝΗΣ ΝΤΥ ΜΩΡΙΕ ΕΝΥΜΦΕΥΘΗΣΑΝ
ΕΧΟΥΝ ΑΝΑ ΔΥΟ ΤΕΚΝΑ — ΕΚ ΠΡΟΗΓΟΥΜΕΝΩΝ ΓΑΜΩΝ

ΛΟΝΔΙΝΟΝ, 30. (Ἀσσ. Πρέσ.). Ὁ υἱὸς τοῦ στρατάρχου Μοντγκόμερυ καὶ ἡ θυγάτηρ τῆς συγγραφέως Δάφνης ντὺ Μωριὲ ἐνυμφεύθησαν χθὲς εἰς τὸ Λονδῖνον. Ἀμφότεροι ἔχουν ἀνὰ δύο τέκνα ἐκ προηγουμένων γάμων.

ΕΙΣ ΑΓΓΛΙΑΝ
ΚΑΛΛΟΝΗ ΖΗΤΕΙ ΝΑ ΓΝΩΡΙΣΘΗ ΜΕ ΕΝΑ ΝΕΟΝ
Ο ΠΑΤΗΡ ΤΗΣ ΔΕΝ ΕΙΝΑΙ ΚΑΙ ΤΟΣΟΝ ΤΡΟΜΕΡΟΣ

ΜΠΙΛΛΕΡΙΚΑΙ, Ἀγγλία, 30. (Ἀσσ. Πρέσ.). Ἡ 19ετὴς Βρετανίς ἐζήτησε διὰ τῶν ἐφημερίδων νὰ γνωρισθῇ μὲ ἕνα νέον, δηλώνουσα ὅτι ὁ πατήρ της δὲν εἶναι τόσον τρομερὸς ὅσον νομίζουν οἱ νέοι τῆς περιοχῆς.

ΧΕΙΡΟΒΟΜΒΙΔΕΣ ΕΝΤΟΣ ΣΑΚΚΟΥ ΤΑΞΙΔΙΩΤΟΥ
ΕΙΣ ΤΟΝ ΣΤΑΘΜΟΝ ΤΟΥ ΛΟΝΔΙΝΟΥ

ΛΟΝΔΙΝΟΝ, 30. (Ἠνωμ. Τύπος). Ταξιδιωτικὸς σάκκος περιέχων χειροβομβίδας ἀνευρέθη εἰς τὸν σταθμὸν Βικτώριας. Ἡ ἀστυνομία διεξάγει ἀνακρίσεις.

ΕΠΙΣΗΜΟΣ ΤΕΛΕΤΗ ΕΠΙ ΤΗ ΕΟΡΤΗ ΤΩΝ ΤΡΙΩΝ ΙΕΡΑΡΧΩΝ

ΑΘΗΝΑΙ, 30. Ἐπισήμως ἑωρτάσθη σήμερον ἡ ἑορτὴ τῶν Τριῶν Ἱεραρχῶν εἰς ὅλα τὰ σχολεῖα τῆς χώρας. Εἰς τὸ Πανεπιστήμιον ὡμίλησε ὁ πρύτανις.

ΜΕΛΕΤΑΤΑΙ Η ΙΔΡΥΣΙΣ ΛΑΟΓΡΑΦΙΚΩΝ ΜΟΥΣΕΙΩΝ ΕΙΣ ΞΑΝΘΗΝ—ΚΟΜΟΤΗΝΗΝ

ΑΘΗΝΑΙ, 30. Μελετᾶται ἡ ἵδρυσις λαογραφικῶν μουσείων εἰς Ξάνθην καὶ Κομοτηνήν πρὸς διάσωσιν τῆς παραδόσεως τῆς Θράκης.

Η ΠΑΓΚΡΗΤΙΟΣ ΕΝΩΣΙΣ ΘΑ ΤΕΛΕΣΗ ΜΝΗΜΟΣΥΝΟΝ ΤΟΥ ΣΟΦΟΚΛΗ ΒΕΝΙΖΕΛΟΥ

ΑΘΗΝΑΙ, 30. Ἡ Παγκρήτιος Ἕνωσις θὰ τελέσῃ μνημόσυνον τοῦ Σοφοκλῆ Βενιζέλου τὴν προσεχῆ Κυριακήν εἰς τὸν Μητροπολιτικὸν ναόν.

ΝΕΟΙ ΒΟΗΘΟΙ ΚΑΙ ΠΑΡΑΣΚΕΥΑΣΤΑΙ ΑΝΩΤΑΤΩΝ ΣΧΟΛΩΝ

ΑΘΗΝΑΙ, 30. Ἀπεφασίσθη ὁ διορισμὸς νέων βοηθῶν καὶ παρασκευαστῶν εἰς τὰς Ἀνωτάτας Σχολὰς τῆς χώρας.

ΑΠΕΦΑΣΙΣΘΗ ΥΠΟ ΤΟΥ ΕΟΤ Η ΕΚΜΙΣΘΩΣΙΣ ΤΟΥ «ΞΕΝΙΑ» ΣΕΡΡΩΝ

ΑΘΗΝΑΙ, 30. Ἀπεφασίσθη ὑπὸ τοῦ ΕΟΤ ἡ ἐκμίσθωσις τοῦ ξενοδοχείου «Ξενία» Σερρῶν διὰ μίαν πενταετίαν.

ΜΕΤΑΘΕΣΑΙ ΥΠΑΛΛΗΛΩΝ ΤΟΥ ΠΑΝΕΠΙΣΤΗΜΙΟΥ ΚΑΙ ΤΗΣ ΒΙΟΜΗΧΑΝΙΑΣ

ΑΘΗΝΑΙ, 30. Διὰ πράξεων τοῦ ὑπουργοῦ μετατίθενται οἱ κάτωθι ὑπάλληλοι τοῦ Πανεπιστημίου καὶ τοῦ ὑπουργείου Βιομηχανίας.

ΧΑΛΚΙΝΟΣ ΠΟΣΕΙΔΩΝ ΘΑ ΦΙΛΟΤΕΧΝΗΘΗ ΔΙΑ ΤΟ ΚΤΙΡΙΟΝ ΤΟΥ ΟΗΕ

ΑΘΗΝΑΙ, 30. Εἰς ἐκπλήρωσιν ὑποσχέσεως τῆς Ἑλληνικῆς Κυβερνήσεως θὰ φιλοτεχνηθῇ χάλκινος Ποσειδῶν διὰ τὸ κτίριον τοῦ ΟΗΕ εἰς Νέαν Ὑόρκην.
